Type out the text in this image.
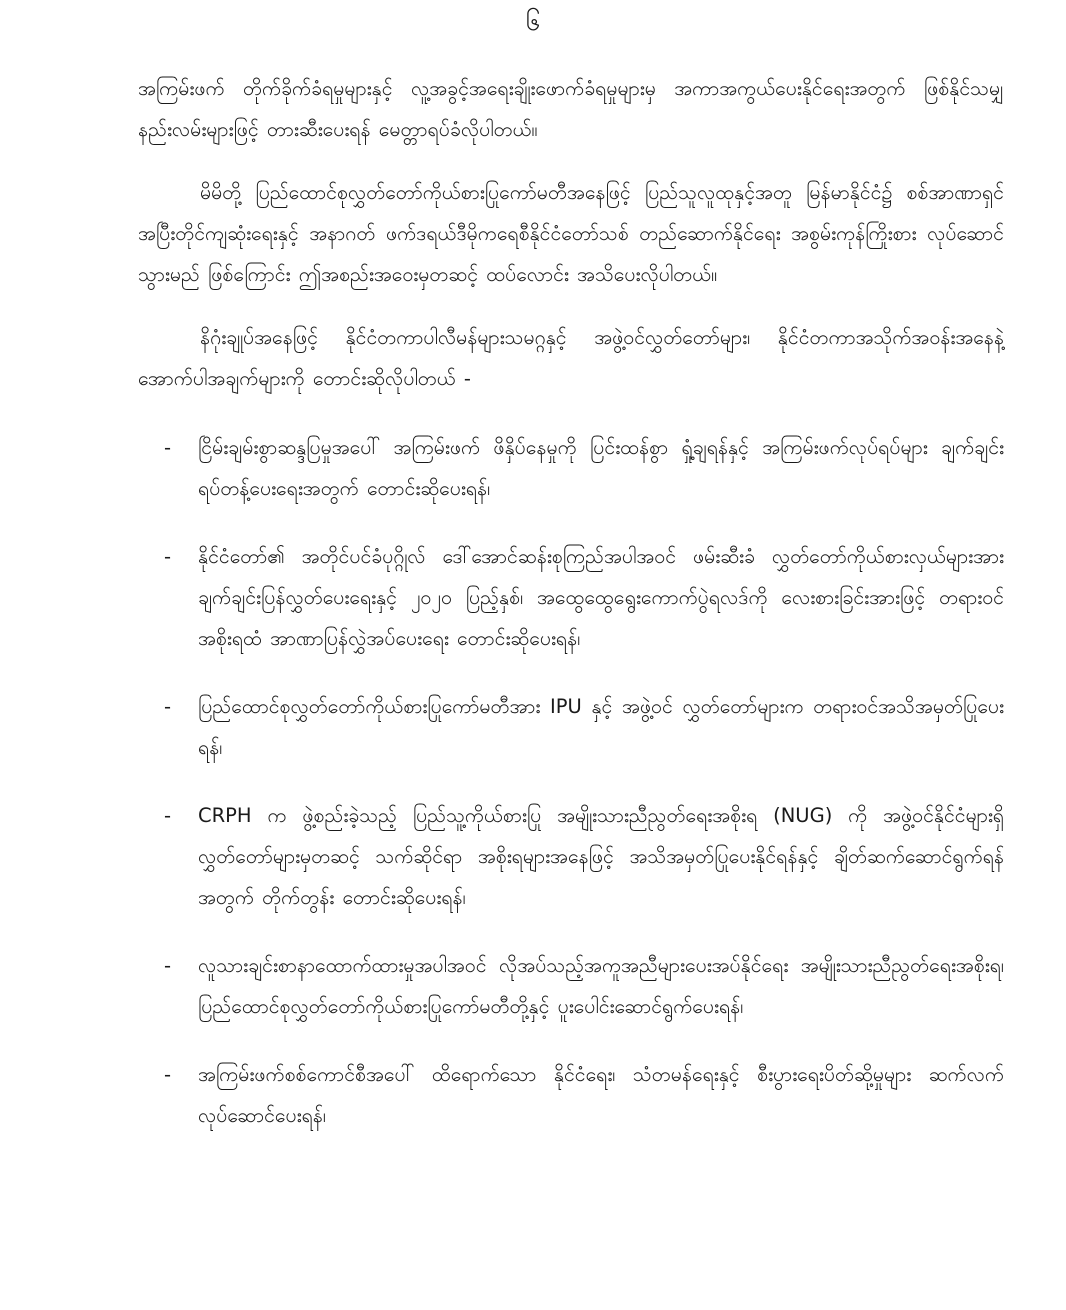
၆

အကြမ်းဖက် တိုက်ခိုက်ခံရမှုများနှင့် လူ့အခွင့်အရေးချိုးဖောက်ခံရမှုများမှ အကာအကွယ်ပေးနိုင်ရေးအတွက် ဖြစ်နိုင်သမျှ နည်းလမ်းများဖြင့် တားဆီးပေးရန် မေတ္တာရပ်ခံလိုပါတယ်။

မိမိတို့ ပြည်ထောင်စုလွှတ်တော်ကိုယ်စားပြုကော်မတီအနေဖြင့် ပြည်သူလူထုနှင့်အတူ မြန်မာနိုင်ငံ၌ စစ်အာဏာရှင် အပြီးတိုင်ကျဆုံးရေးနှင့် အနာဂတ် ဖက်ဒရယ်ဒီမိုကရေစီနိုင်ငံတော်သစ် တည်ဆောက်နိုင်ရေး အစွမ်းကုန်ကြိုးစား လုပ်ဆောင်သွားမည် ဖြစ်ကြောင်း ဤအစည်းအဝေးမှတဆင့် ထပ်လောင်း အသိပေးလိုပါတယ်။

နိဂုံးချုပ်အနေဖြင့် နိုင်ငံတကာပါလီမန်များသမဂ္ဂနှင့် အဖွဲ့ဝင်လွှတ်တော်များ၊ နိုင်ငံတကာအသိုက်အဝန်းအနေနဲ့ အောက်ပါအချက်များကို တောင်းဆိုလိုပါတယ် -

- ငြိမ်းချမ်းစွာဆန္ဒပြမှုအပေါ် အကြမ်းဖက် ဖိနှိပ်နေမှုကို ပြင်းထန်စွာ ရှုံ့ချရန်နှင့် အကြမ်းဖက်လုပ်ရပ်များ ချက်ချင်းရပ်တန့်ပေးရေးအတွက် တောင်းဆိုပေးရန်၊
- နိုင်ငံတော်၏ အတိုင်ပင်ခံပုဂ္ဂိုလ် ဒေါ်အောင်ဆန်းစုကြည်အပါအဝင် ဖမ်းဆီးခံ လွှတ်တော်ကိုယ်စားလှယ်များအား ချက်ချင်းပြန်လွှတ်ပေးရေးနှင့် ၂၀၂၀ ပြည့်နှစ်၊ အထွေထွေရွေးကောက်ပွဲရလဒ်ကို လေးစားခြင်းအားဖြင့် တရားဝင် အစိုးရထံ အာဏာပြန်လွှဲအပ်ပေးရေး တောင်းဆိုပေးရန်၊
- ပြည်ထောင်စုလွှတ်တော်ကိုယ်စားပြုကော်မတီအား IPU နှင့် အဖွဲ့ဝင် လွှတ်တော်များက တရားဝင်အသိအမှတ်ပြုပေးရန်၊
- CRPH က ဖွဲ့စည်းခဲ့သည့် ပြည်သူ့ကိုယ်စားပြု အမျိုးသားညီညွတ်ရေးအစိုးရ (NUG) ကို အဖွဲ့ဝင်နိုင်ငံများရှိ လွှတ်တော်များမှတဆင့် သက်ဆိုင်ရာ အစိုးရများအနေဖြင့် အသိအမှတ်ပြုပေးနိုင်ရန်နှင့် ချိတ်ဆက်ဆောင်ရွက်ရန်အတွက် တိုက်တွန်း တောင်းဆိုပေးရန်၊
- လူသားချင်းစာနာထောက်ထားမှုအပါအဝင် လိုအပ်သည့်အကူအညီများပေးအပ်နိုင်ရေး အမျိုးသားညီညွတ်ရေးအစိုးရ၊ ပြည်ထောင်စုလွှတ်တော်ကိုယ်စားပြုကော်မတီတို့နှင့် ပူးပေါင်းဆောင်ရွက်ပေးရန်၊
- အကြမ်းဖက်စစ်ကောင်စီအပေါ် ထိရောက်သော နိုင်ငံရေး၊ သံတမန်ရေးနှင့် စီးပွားရေးပိတ်ဆို့မှုများ ဆက်လက်လုပ်ဆောင်ပေးရန်၊
